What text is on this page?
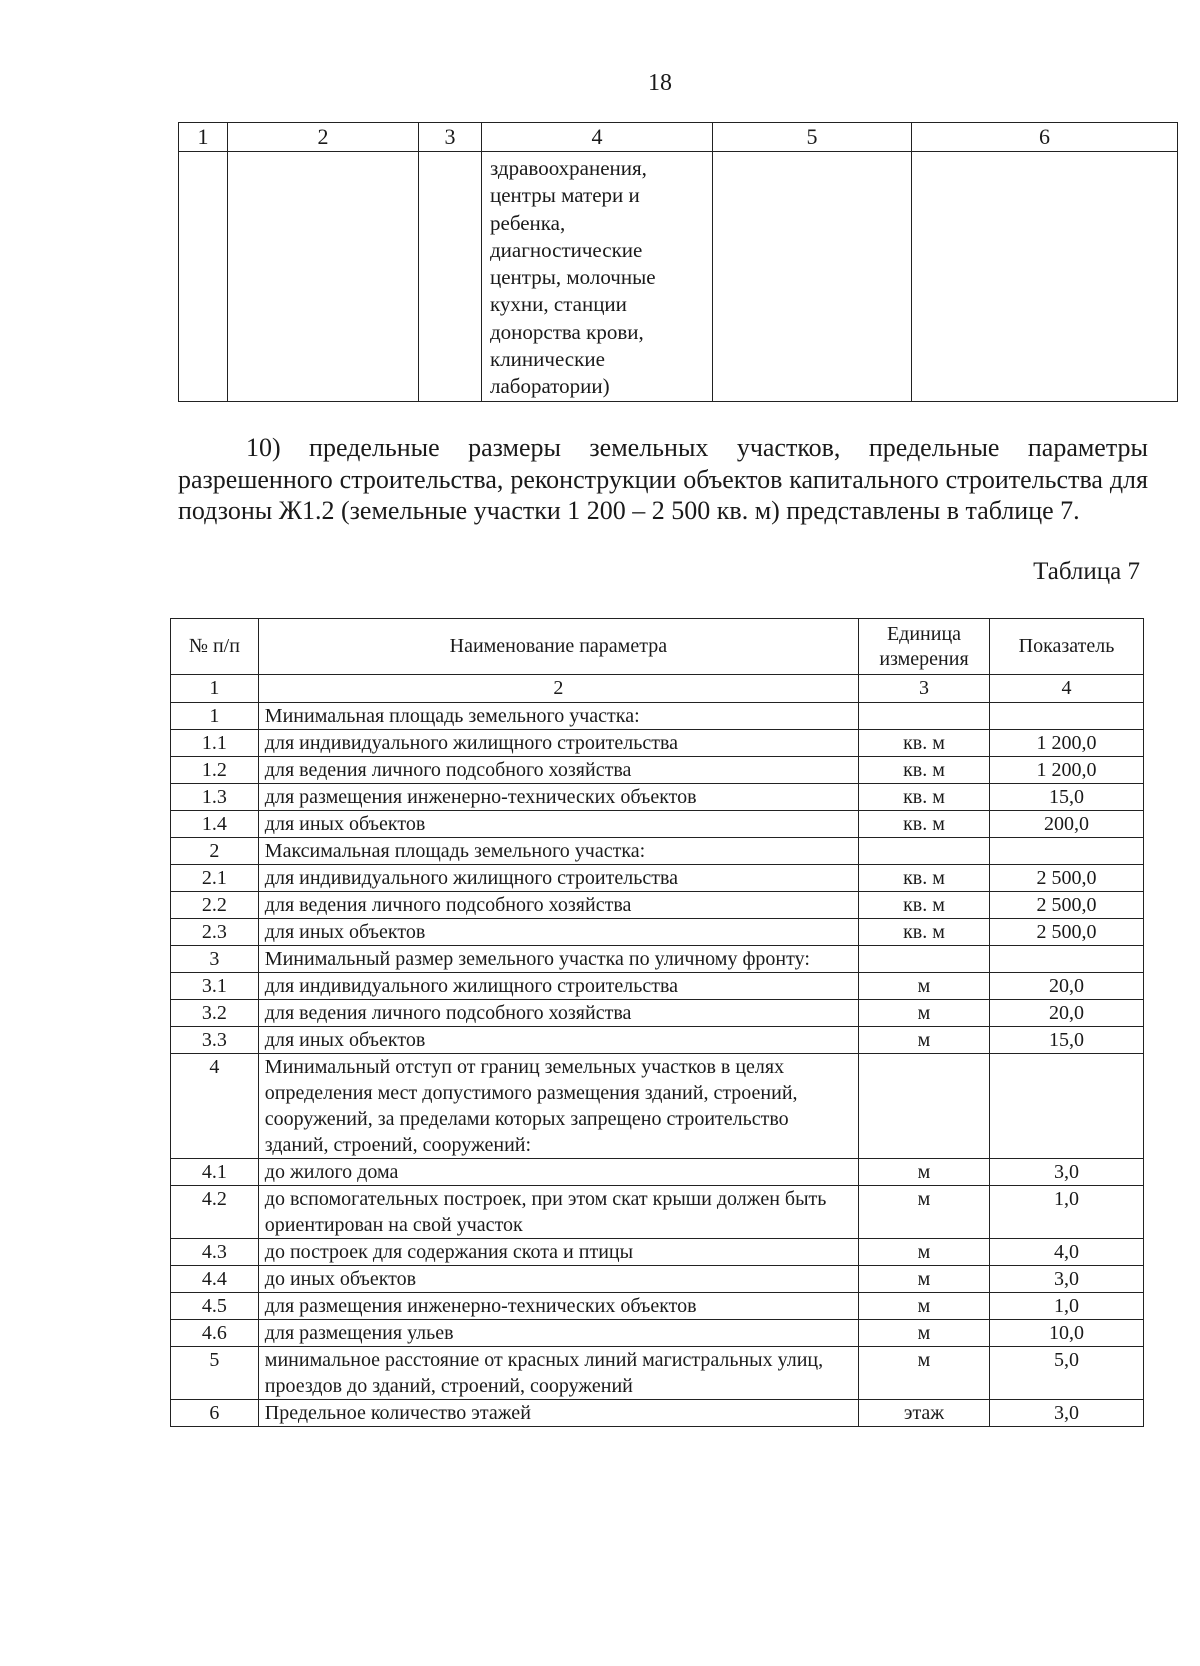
18
1	2	3	4	5	6

			здравоохранения, центры матери и ребенка, диагностические центры, молочные кухни, станции донорства крови, клинические лаборатории)		

10) предельные размеры земельных участков, предельные параметры разрешенного строительства, реконструкции объектов капитального строительства для подзоны Ж1.2 (земельные участки 1 200 – 2 500 кв. м) представлены в таблице 7.
Таблица 7
№ п/п	Наименование параметра	Единица измерения	Показатель
1	2	3	4
1	Минимальная площадь земельного участка:		
1.1	для индивидуального жилищного строительства	кв. м	1 200,0
1.2	для ведения личного подсобного хозяйства	кв. м	1 200,0
1.3	для размещения инженерно-технических объектов	кв. м	15,0
1.4	для иных объектов	кв. м	200,0
2	Максимальная площадь земельного участка:		
2.1	для индивидуального жилищного строительства	кв. м	2 500,0
2.2	для ведения личного подсобного хозяйства	кв. м	2 500,0
2.3	для иных объектов	кв. м	2 500,0
3	Минимальный размер земельного участка по уличному фронту:		
3.1	для индивидуального жилищного строительства	м	20,0
3.2	для ведения личного подсобного хозяйства	м	20,0
3.3	для иных объектов	м	15,0
4	Минимальный отступ от границ земельных участков в целях определения мест допустимого размещения зданий, строений, сооружений, за пределами которых запрещено строительство зданий, строений, сооружений:		
4.1	до жилого дома	м	3,0
4.2	до вспомогательных построек, при этом скат крыши должен быть ориентирован на свой участок	м	1,0
4.3	до построек для содержания скота и птицы	м	4,0
4.4	до иных объектов	м	3,0
4.5	для размещения инженерно-технических объектов	м	1,0
4.6	для размещения ульев	м	10,0
5	минимальное расстояние от красных линий магистральных улиц, проездов до зданий, строений, сооружений	м	5,0
6	Предельное количество этажей	этаж	3,0
